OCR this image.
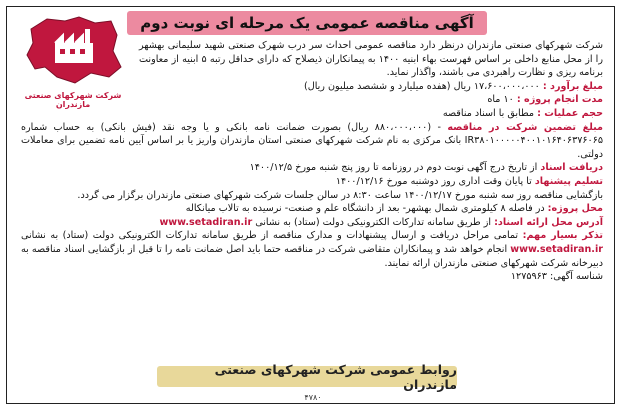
آگهی مناقصه عمومی یک مرحله ای نوبت دوم
شرکت شهرکهای صنعتی مازندران

شرکت شهرکهای صنعتی مازندران درنظر دارد مناقصه عمومی احداث سر درب شهرک صنعتی شهید سلیمانی بهشهر را از محل منابع داخلی بر اساس فهرست بهاء ابنیه ۱۴۰۰ به پیمانکاران ذیصلاح که دارای حداقل رتبه ۵ ابنیه از معاونت برنامه ریزی و نظارت راهبردی می باشند، واگذار نماید.

مبلغ برآورد : ۱۷،۶۰۰،۰۰۰،۰۰۰ ریال (هفده میلیارد و ششصد میلیون ریال)

مدت انجام پروژه : ۱۰ ماه

حجم عملیات : مطابق با اسناد مناقصه

مبلغ تضمین شرکت در مناقصه - (۸۸۰،۰۰۰،۰۰۰ ریال) بصورت ضمانت نامه بانکی و یا وجه نقد (فیش بانکی) به حساب شماره IR۳۸۰۱۰۰۰۰۰۴۰۰۱۰۱۶۴۰۶۳۷۶۰۶۵ بانک مرکزی به نام شرکت شهرکهای صنعتی استان مازندران واریز یا بر اساس آیین نامه تضمین برای معاملات دولتی.

دریافت اسناد از تاریخ درج آگهی نوبت دوم در روزنامه تا روز پنج شنبه مورخ ۱۴۰۰/۱۲/۵

تسلیم پیشنهاد تا پایان وقت اداری روز دوشنبه مورخ ۱۴۰۰/۱۲/۱۶

بازگشایی مناقصه روز سه شنبه مورخ ۱۴۰۰/۱۲/۱۷ ساعت ۸:۳۰ در سالن جلسات شرکت شهرکهای صنعتی مازندران برگزار می گردد.

محل پروژه: در فاصله ۸ کیلومتری شمال بهشهر- بعد از دانشگاه علم و صنعت- نرسیده به تالاب میانکاله

آدرس محل ارائه اسناد: از طریق سامانه تدارکات الکترونیکی دولت (ستاد) به نشانی www.setadiran.ir

تذکر بسیار مهم: تمامی مراحل دریافت و ارسال پیشنهادات و مدارک مناقصه از طریق سامانه تدارکات الکترونیکی دولت (ستاد) به نشانی www.setadiran.ir انجام خواهد شد و پیمانکاران متقاضی شرکت در مناقصه حتما باید اصل ضمانت نامه را تا قبل از بازگشایی اسناد مناقصه به دبیرخانه شرکت شهرکهای صنعتی مازندران ارائه نمایند.

شناسه آگهی: ۱۲۷۵۹۶۳

روابط عمومی شرکت شهرکهای صنعتی مازندران
۴۷۸۰
